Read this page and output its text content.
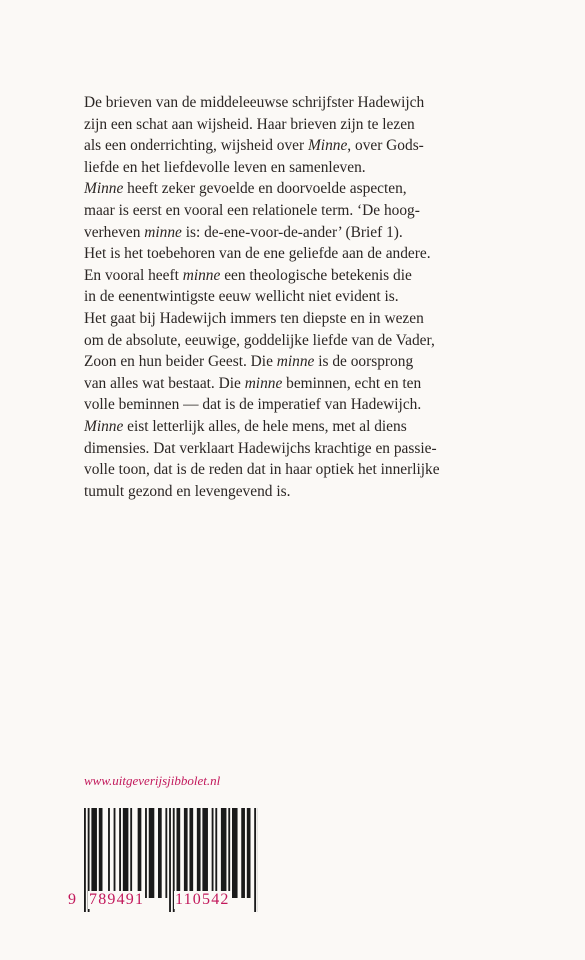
De brieven van de middeleeuwse schrijfster Hadewijch
zijn een schat aan wijsheid. Haar brieven zijn te lezen
als een onderrichting, wijsheid over Minne, over Gods-
liefde en het liefdevolle leven en samenleven.
Minne heeft zeker gevoelde en doorvoelde aspecten,
maar is eerst en vooral een relationele term. ‘De hoog-
verheven minne is: de-ene-voor-de-ander’ (Brief 1).
Het is het toebehoren van de ene geliefde aan de andere.
En vooral heeft minne een theologische betekenis die
in de eenentwintigste eeuw wellicht niet evident is.
Het gaat bij Hadewijch immers ten diepste en in wezen
om de absolute, eeuwige, goddelijke liefde van de Vader,
Zoon en hun beider Geest. Die minne is de oorsprong
van alles wat bestaat. Die minne beminnen, echt en ten
volle beminnen — dat is de imperatief van Hadewijch.
Minne eist letterlijk alles, de hele mens, met al diens
dimensies. Dat verklaart Hadewijchs krachtige en passie-
volle toon, dat is de reden dat in haar optiek het innerlijke
tumult gezond en levengevend is.
www.uitgeverijsjibbolet.nl
9 789491 110542
